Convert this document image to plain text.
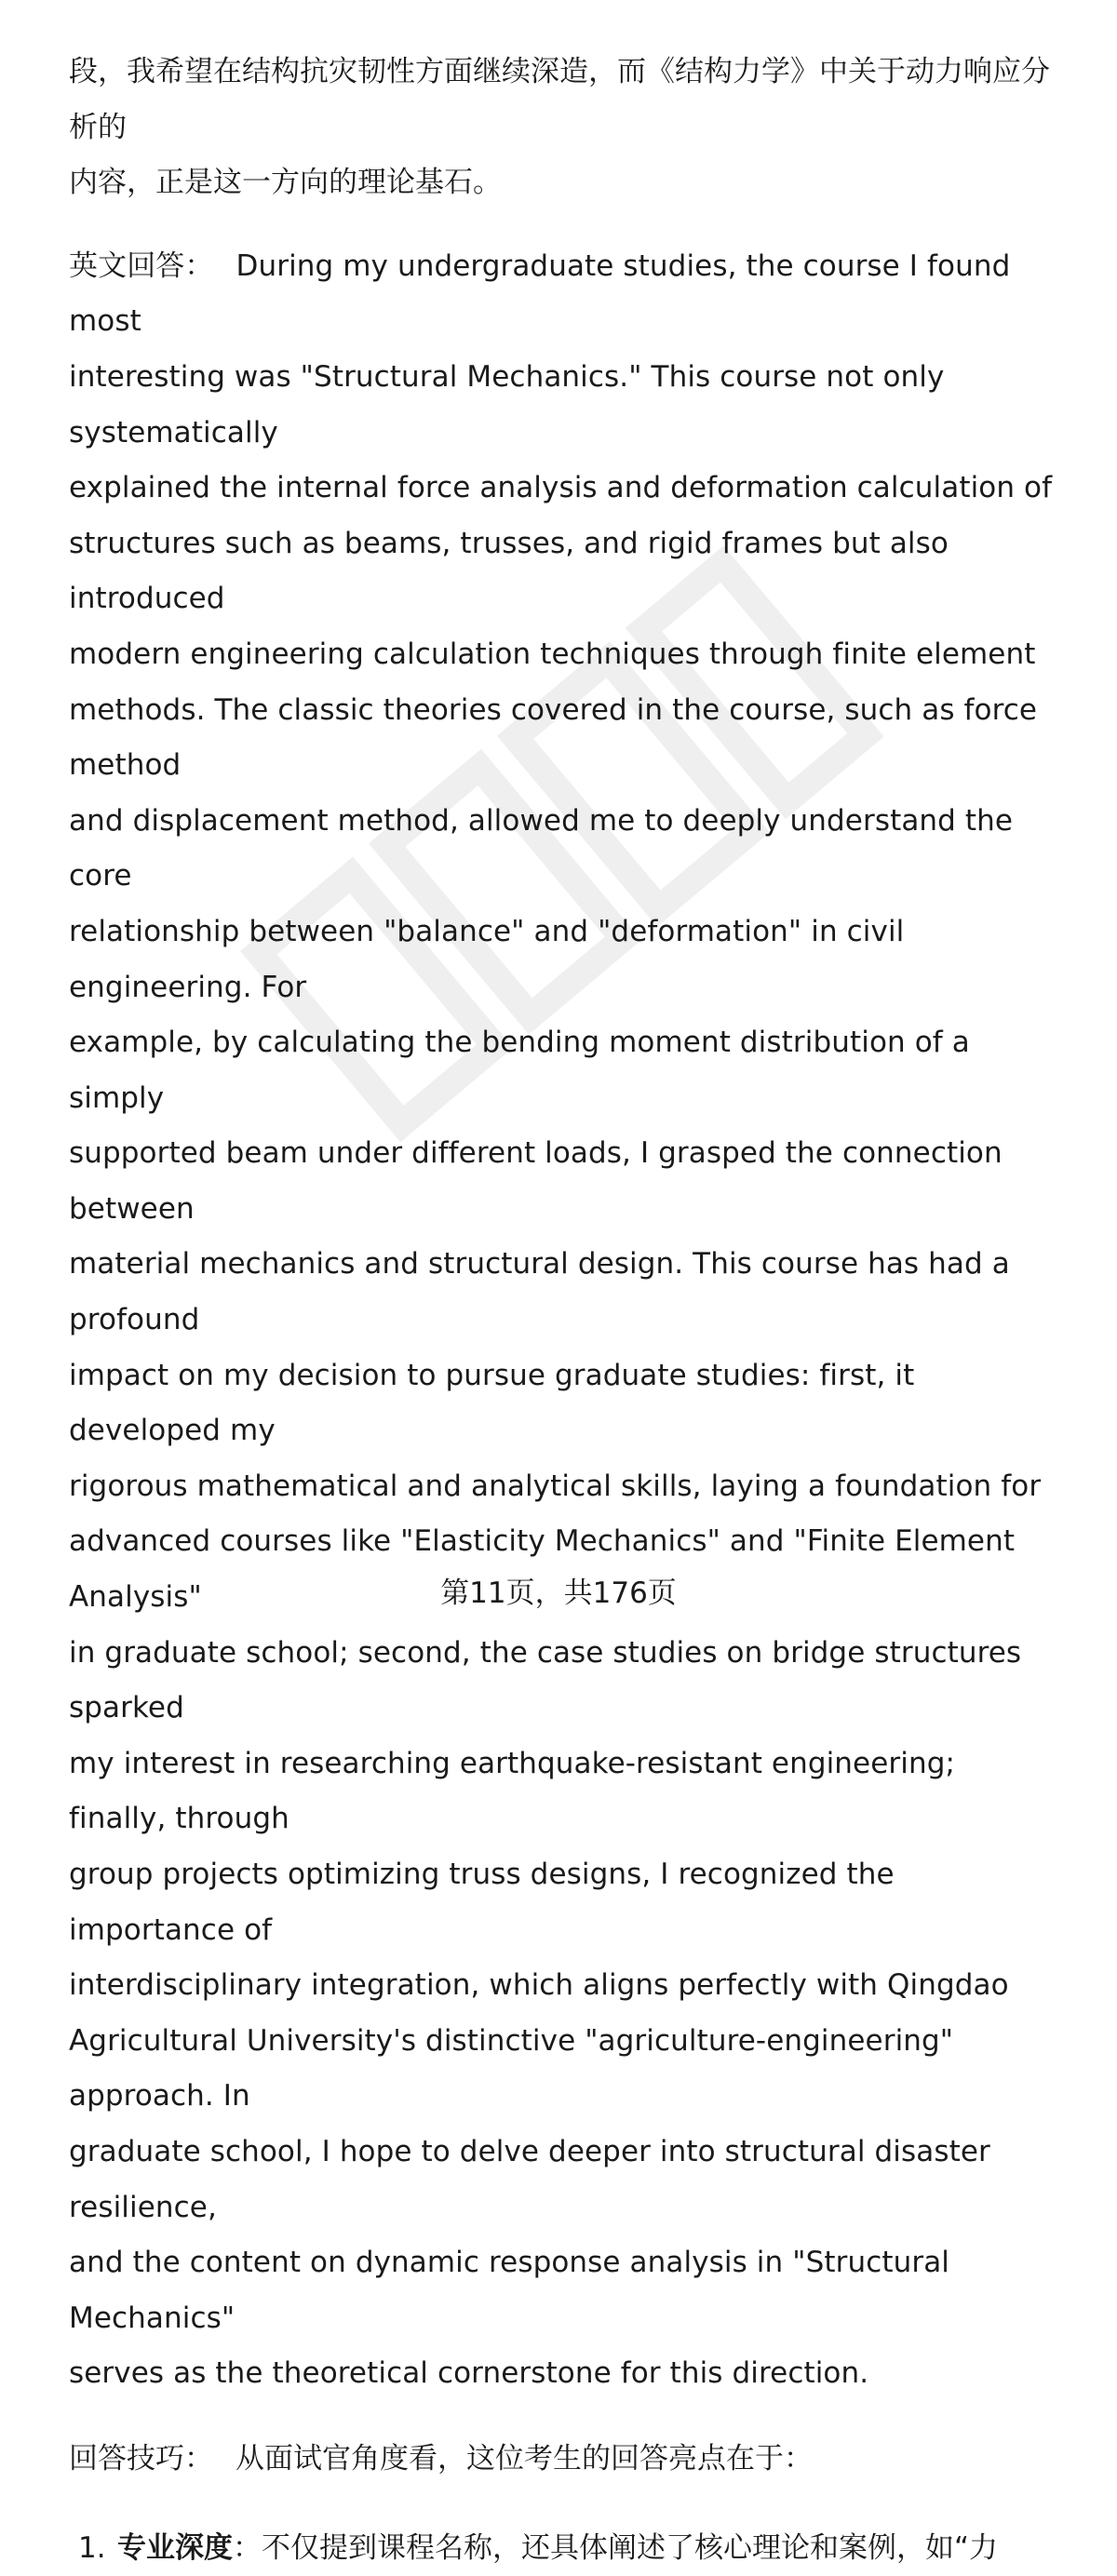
段，我希望在结构抗灾韧性方面继续深造，而《结构力学》中关于动力响应分析的

内容，正是这一方向的理论基石。

英文回答： During my undergraduate studies, the course I found most

interesting was "Structural Mechanics." This course not only systematically

explained the internal force analysis and deformation calculation of

structures such as beams, trusses, and rigid frames but also introduced

modern engineering calculation techniques through finite element

methods. The classic theories covered in the course, such as force method

and displacement method, allowed me to deeply understand the core

relationship between "balance" and "deformation" in civil engineering. For

example, by calculating the bending moment distribution of a simply

supported beam under different loads, I grasped the connection between

material mechanics and structural design. This course has had a profound

impact on my decision to pursue graduate studies: first, it developed my

rigorous mathematical and analytical skills, laying a foundation for

advanced courses like "Elasticity Mechanics" and "Finite Element Analysis"

in graduate school; second, the case studies on bridge structures sparked

my interest in researching earthquake-resistant engineering; finally, through

group projects optimizing truss designs, I recognized the importance of

interdisciplinary integration, which aligns perfectly with Qingdao

Agricultural University's distinctive "agriculture-engineering" approach. In

graduate school, I hope to delve deeper into structural disaster resilience,

and the content on dynamic response analysis in "Structural Mechanics"

serves as the theoretical cornerstone for this direction.

回答技巧： 从面试官角度看，这位考生的回答亮点在于：

1. 专业深度：不仅提到课程名称，还具体阐述了核心理论和案例，如“力
第11页，共176页
